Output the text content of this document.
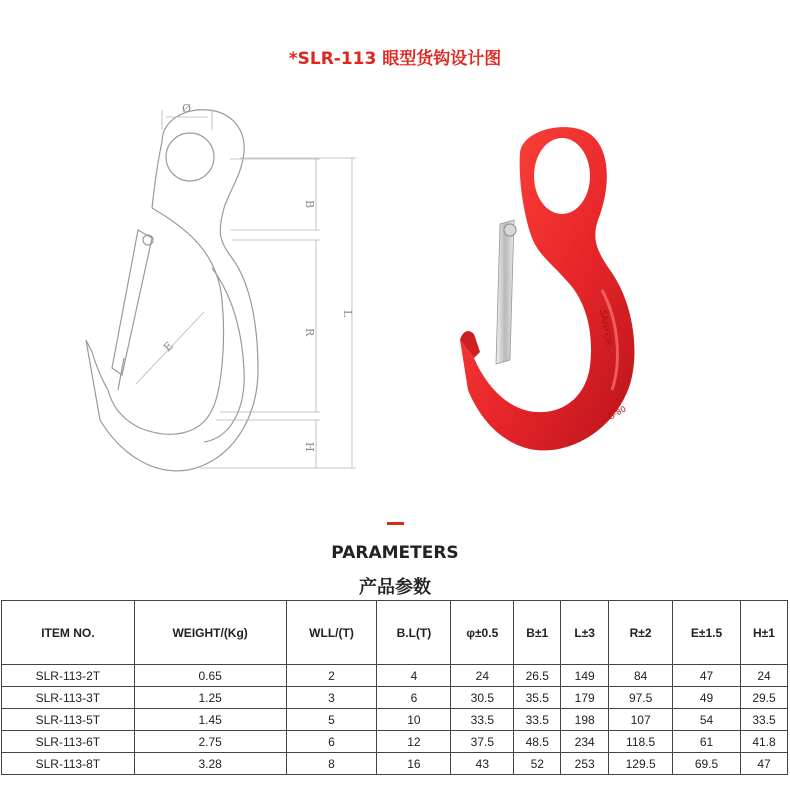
*SLR-113 眼型货钩设计图
Ø
B
R
L
E
H
SANFOR
G-80
PARAMETERS
产品参数
ITEM NO.	WEIGHT/(Kg)	WLL/(T)	B.L(T)	φ±0.5	B±1	L±3	R±2	E±1.5	H±1
SLR-113-2T	0.65	2	4	24	26.5	149	84	47	24
SLR-113-3T	1.25	3	6	30.5	35.5	179	97.5	49	29.5
SLR-113-5T	1.45	5	10	33.5	33.5	198	107	54	33.5
SLR-113-6T	2.75	6	12	37.5	48.5	234	118.5	61	41.8
SLR-113-8T	3.28	8	16	43	52	253	129.5	69.5	47
